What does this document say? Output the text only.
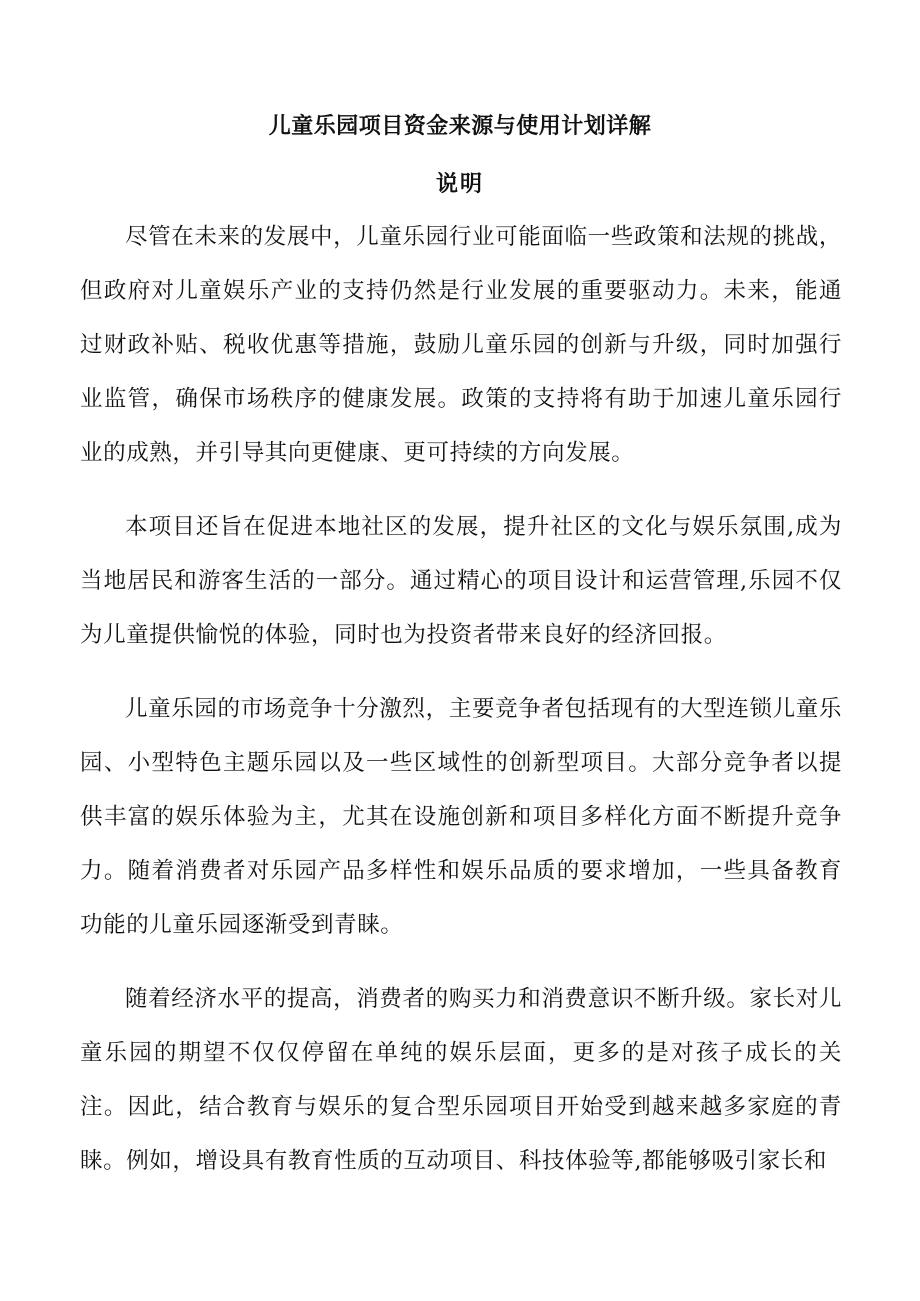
儿童乐园项目资金来源与使用计划详解
说明

尽管在未来的发展中，儿童乐园行业可能面临一些政策和法规的挑战，但政府对儿童娱乐产业的支持仍然是行业发展的重要驱动力。未来，能通过财政补贴、税收优惠等措施，鼓励儿童乐园的创新与升级，同时加强行业监管，确保市场秩序的健康发展。政策的支持将有助于加速儿童乐园行业的成熟，并引导其向更健康、更可持续的方向发展。

本项目还旨在促进本地社区的发展，提升社区的文化与娱乐氛围,成为当地居民和游客生活的一部分。通过精心的项目设计和运营管理,乐园不仅为儿童提供愉悦的体验，同时也为投资者带来良好的经济回报。

儿童乐园的市场竞争十分激烈，主要竞争者包括现有的大型连锁儿童乐园、小型特色主题乐园以及一些区域性的创新型项目。大部分竞争者以提供丰富的娱乐体验为主，尤其在设施创新和项目多样化方面不断提升竞争力。随着消费者对乐园产品多样性和娱乐品质的要求增加，一些具备教育功能的儿童乐园逐渐受到青睐。

随着经济水平的提高，消费者的购买力和消费意识不断升级。家长对儿童乐园的期望不仅仅停留在单纯的娱乐层面，更多的是对孩子成长的关注。因此，结合教育与娱乐的复合型乐园项目开始受到越来越多家庭的青睐。例如，增设具有教育性质的互动项目、科技体验等,都能够吸引家长和
